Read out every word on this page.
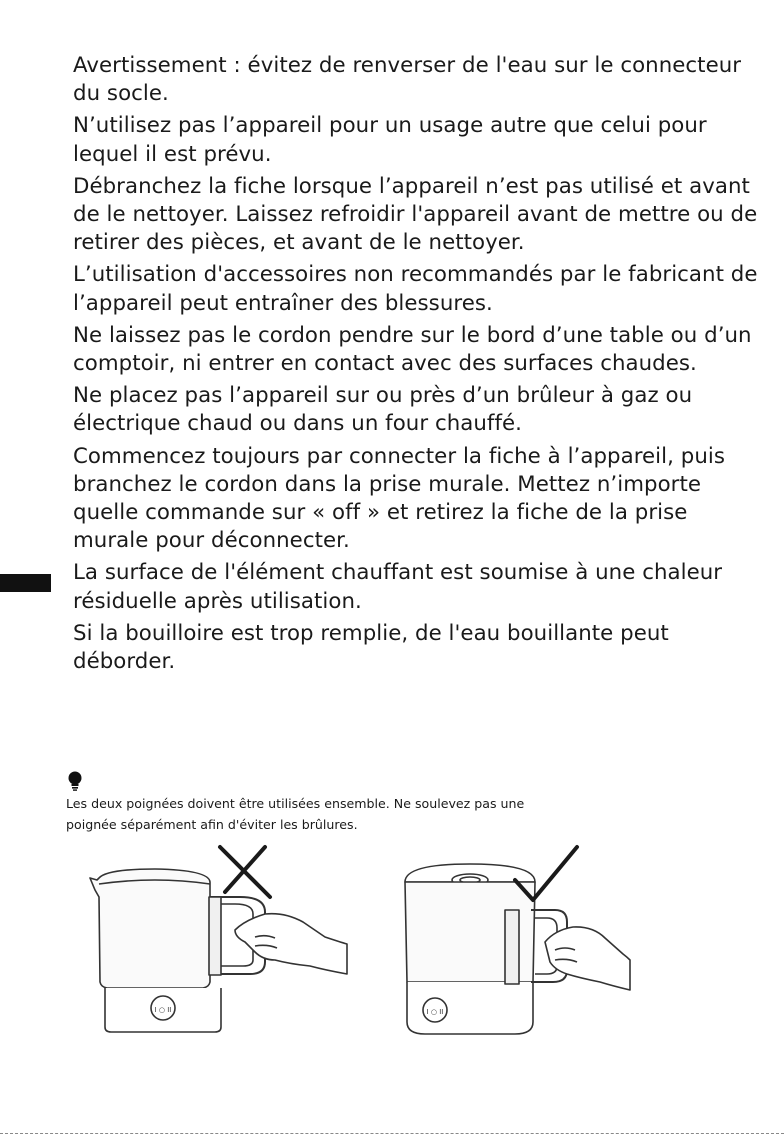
Avertissement : évitez de renverser de l'eau sur le connecteur du socle.

N’utilisez pas l’appareil pour un usage autre que celui pour lequel il est prévu.

Débranchez la fiche lorsque l’appareil n’est pas utilisé et avant de le nettoyer. Laissez refroidir l'appareil avant de mettre ou de retirer des pièces, et avant de le nettoyer.

L’utilisation d'accessoires non recommandés par le fabricant de l’appareil peut entraîner des blessures.

Ne laissez pas le cordon pendre sur le bord d’une table ou d’un comptoir, ni entrer en contact avec des surfaces chaudes.

Ne placez pas l’appareil sur ou près d’un brûleur à gaz ou électrique chaud ou dans un four chauffé.

Commencez toujours par connecter la fiche à l’appareil, puis branchez le cordon dans la prise murale. Mettez n’importe quelle commande sur « off » et retirez la fiche de la prise murale pour déconnecter.

La surface de l'élément chauffant est soumise à une chaleur résiduelle après utilisation.

Si la bouilloire est trop remplie, de l'eau bouillante peut déborder.

Les deux poignées doivent être utilisées ensemble. Ne soulevez pas une
poignée séparément afin d'éviter les brûlures.
I ○ II	I ○ II
